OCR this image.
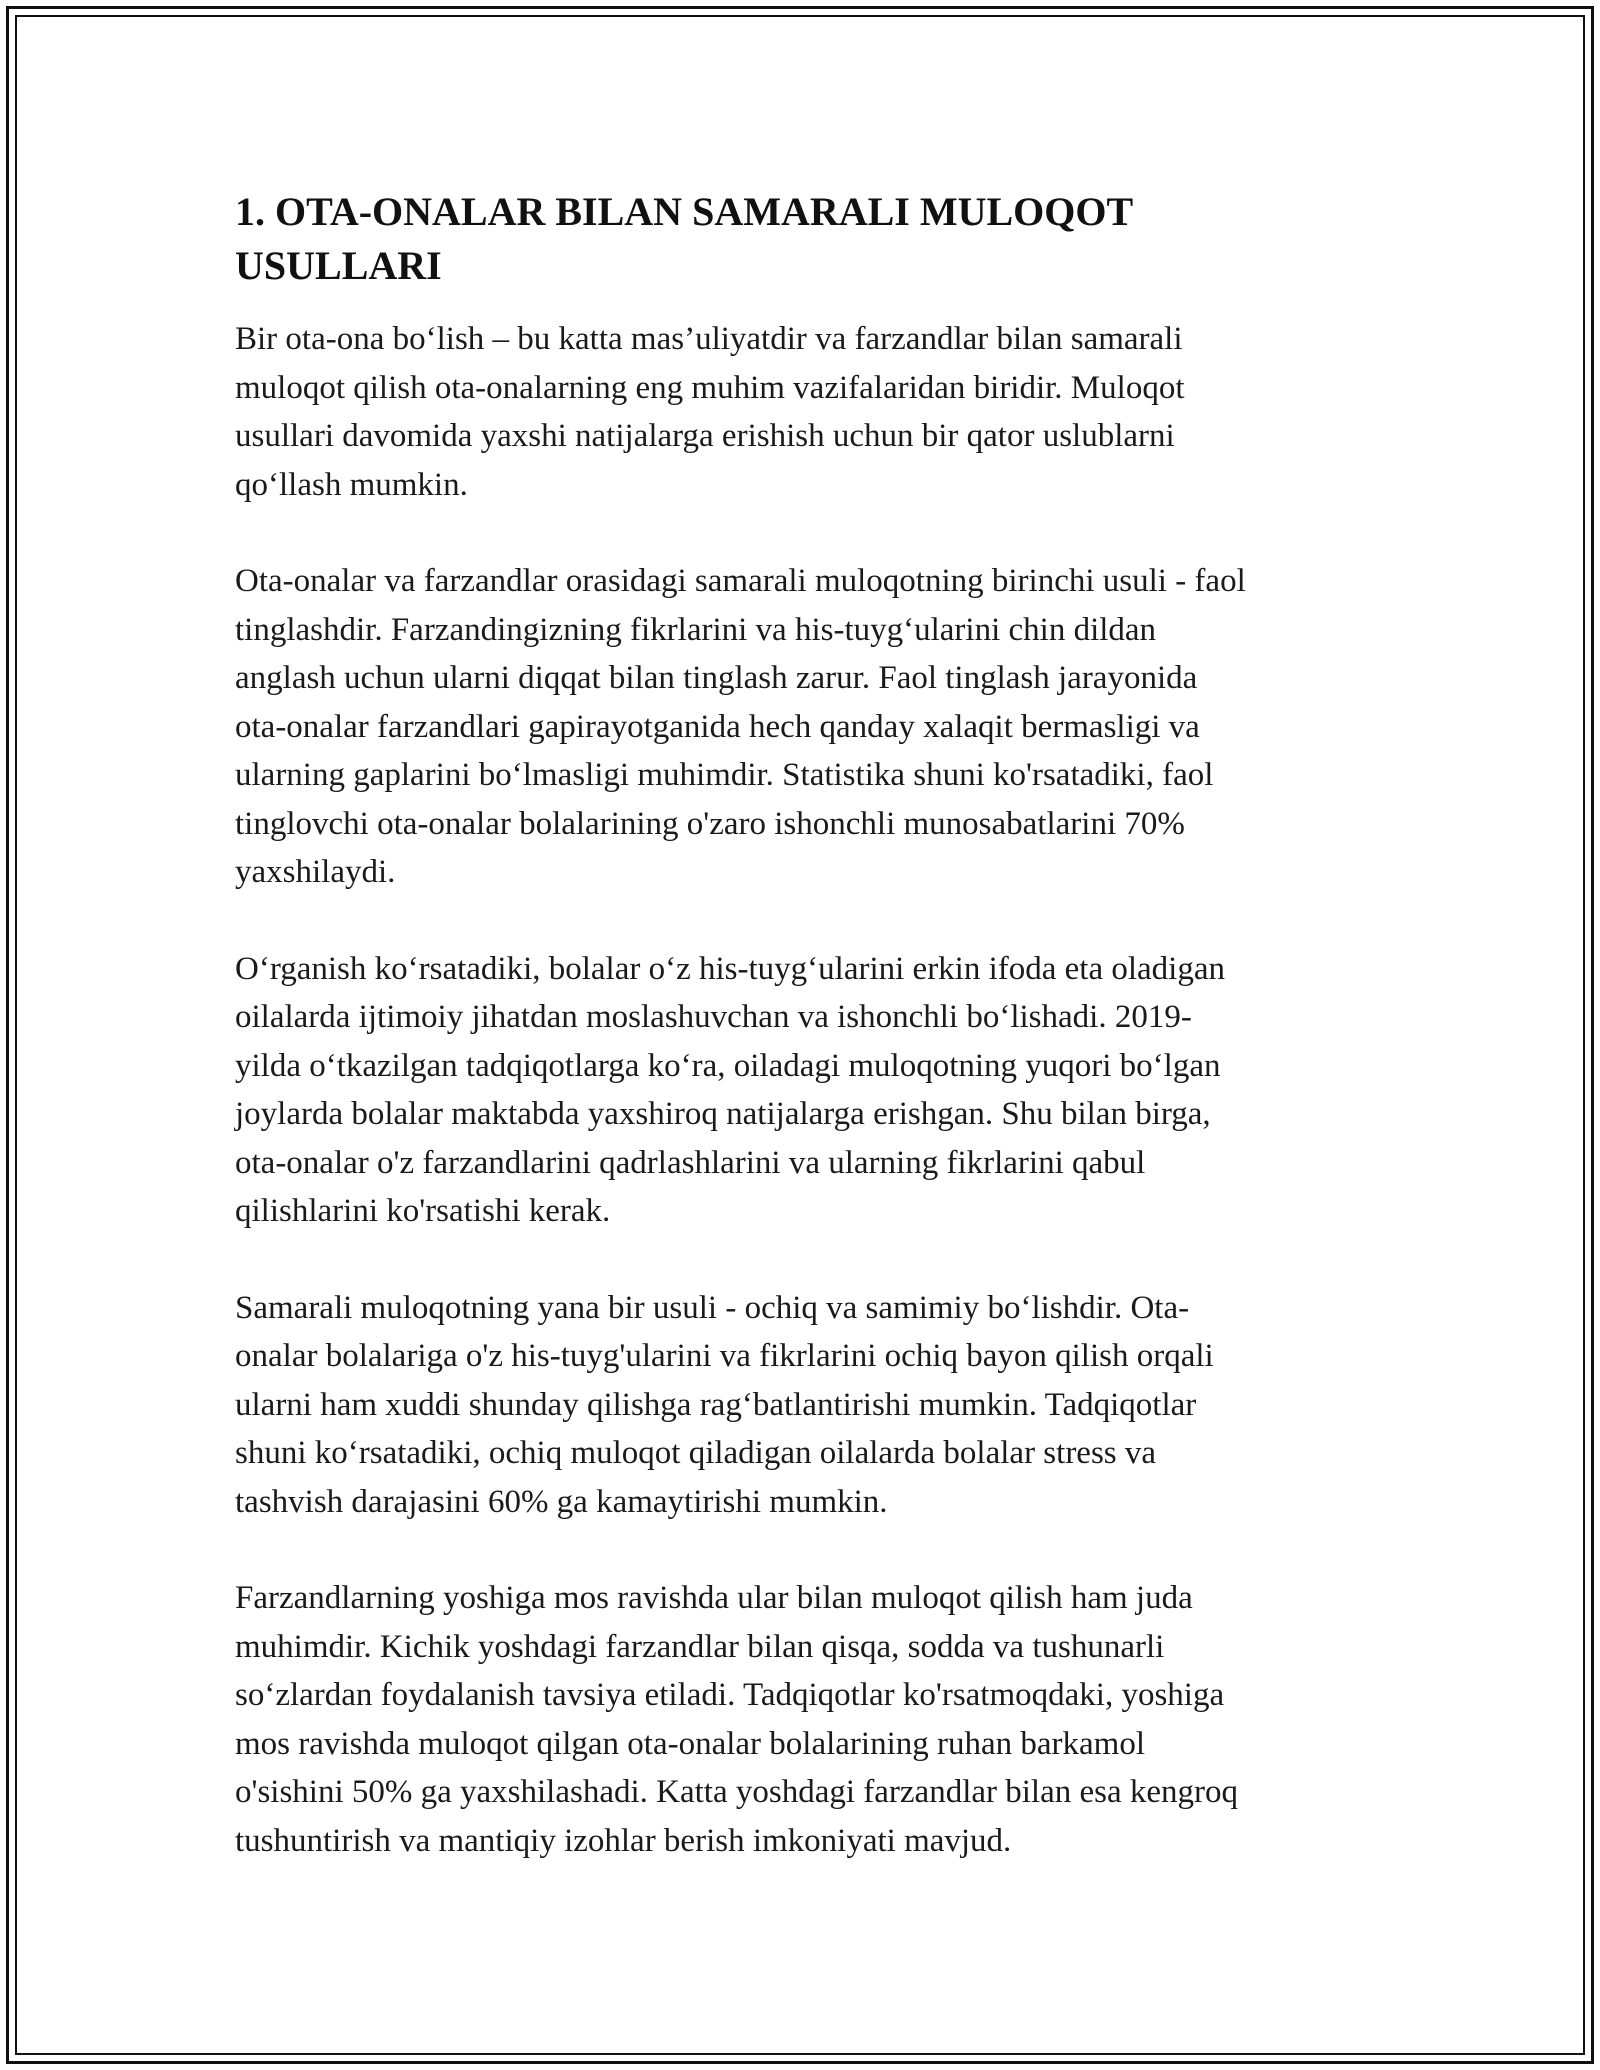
1. OTA-ONALAR BILAN SAMARALI MULOQOT
USULLARI

Bir ota-ona bo‘lish – bu katta mas’uliyatdir va farzandlar bilan samarali
muloqot qilish ota-onalarning eng muhim vazifalaridan biridir. Muloqot
usullari davomida yaxshi natijalarga erishish uchun bir qator uslublarni
qo‘llash mumkin.

Ota-onalar va farzandlar orasidagi samarali muloqotning birinchi usuli - faol
tinglashdir. Farzandingizning fikrlarini va his-tuyg‘ularini chin dildan
anglash uchun ularni diqqat bilan tinglash zarur. Faol tinglash jarayonida
ota-onalar farzandlari gapirayotganida hech qanday xalaqit bermasligi va
ularning gaplarini bo‘lmasligi muhimdir. Statistika shuni ko'rsatadiki, faol
tinglovchi ota-onalar bolalarining o'zaro ishonchli munosabatlarini 70%
yaxshilaydi.

O‘rganish ko‘rsatadiki, bolalar o‘z his-tuyg‘ularini erkin ifoda eta oladigan
oilalarda ijtimoiy jihatdan moslashuvchan va ishonchli bo‘lishadi. 2019-
yilda o‘tkazilgan tadqiqotlarga ko‘ra, oiladagi muloqotning yuqori bo‘lgan
joylarda bolalar maktabda yaxshiroq natijalarga erishgan. Shu bilan birga,
ota-onalar o'z farzandlarini qadrlashlarini va ularning fikrlarini qabul
qilishlarini ko'rsatishi kerak.

Samarali muloqotning yana bir usuli - ochiq va samimiy bo‘lishdir. Ota-
onalar bolalariga o'z his-tuyg'ularini va fikrlarini ochiq bayon qilish orqali
ularni ham xuddi shunday qilishga rag‘batlantirishi mumkin. Tadqiqotlar
shuni ko‘rsatadiki, ochiq muloqot qiladigan oilalarda bolalar stress va
tashvish darajasini 60% ga kamaytirishi mumkin.

Farzandlarning yoshiga mos ravishda ular bilan muloqot qilish ham juda
muhimdir. Kichik yoshdagi farzandlar bilan qisqa, sodda va tushunarli
so‘zlardan foydalanish tavsiya etiladi. Tadqiqotlar ko'rsatmoqdaki, yoshiga
mos ravishda muloqot qilgan ota-onalar bolalarining ruhan barkamol
o'sishini 50% ga yaxshilashadi. Katta yoshdagi farzandlar bilan esa kengroq
tushuntirish va mantiqiy izohlar berish imkoniyati mavjud.
